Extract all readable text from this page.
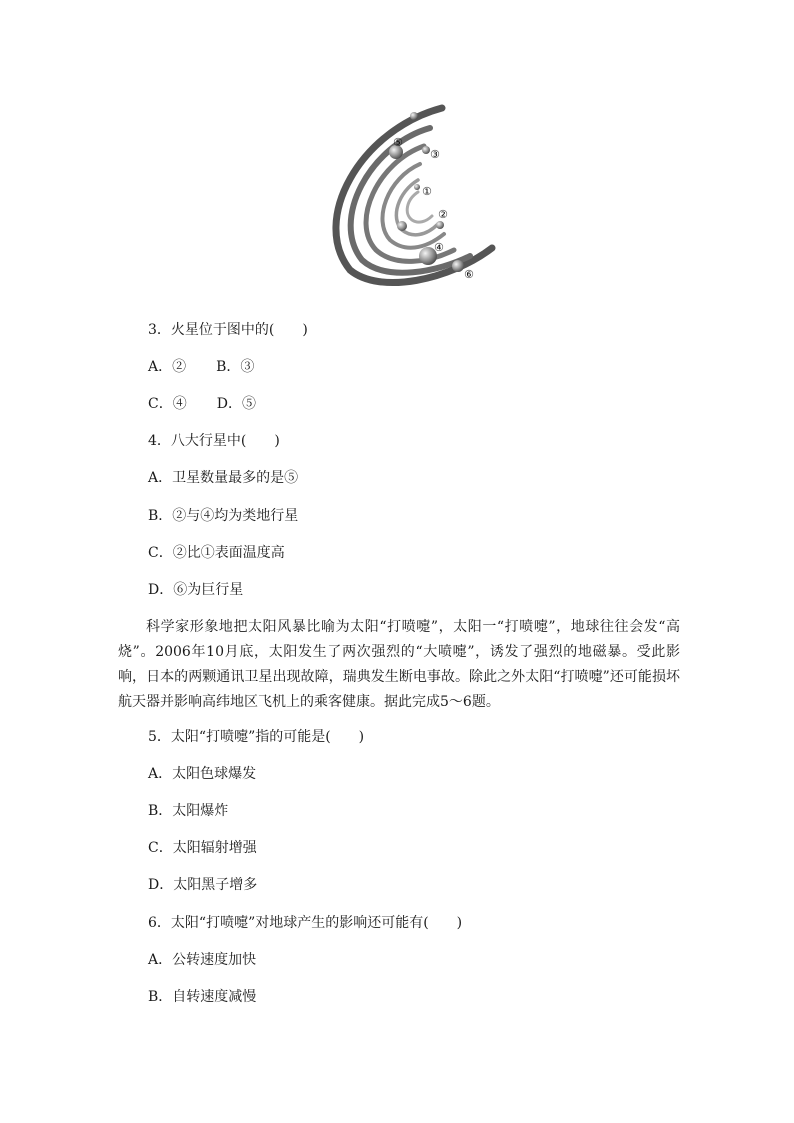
⑤
③
①
②
④
⑥
3．火星位于图中的(　　)
A．② B．③
C．④ D．⑤
4．八大行星中(　　)
A．卫星数量最多的是⑤
B．②与④均为类地行星
C．②比①表面温度高
D．⑥为巨行星
科学家形象地把太阳风暴比喻为太阳“打喷嚏”，太阳一“打喷嚏”，地球往往会发“高烧”。2006年10月底，太阳发生了两次强烈的“大喷嚏”，诱发了强烈的地磁暴。受此影响，日本的两颗通讯卫星出现故障，瑞典发生断电事故。除此之外太阳“打喷嚏”还可能损坏航天器并影响高纬地区飞机上的乘客健康。据此完成5～6题。
5．太阳“打喷嚏”指的可能是(　　)
A．太阳色球爆发
B．太阳爆炸
C．太阳辐射增强
D．太阳黑子增多
6．太阳“打喷嚏”对地球产生的影响还可能有(　　)
A．公转速度加快
B．自转速度减慢
